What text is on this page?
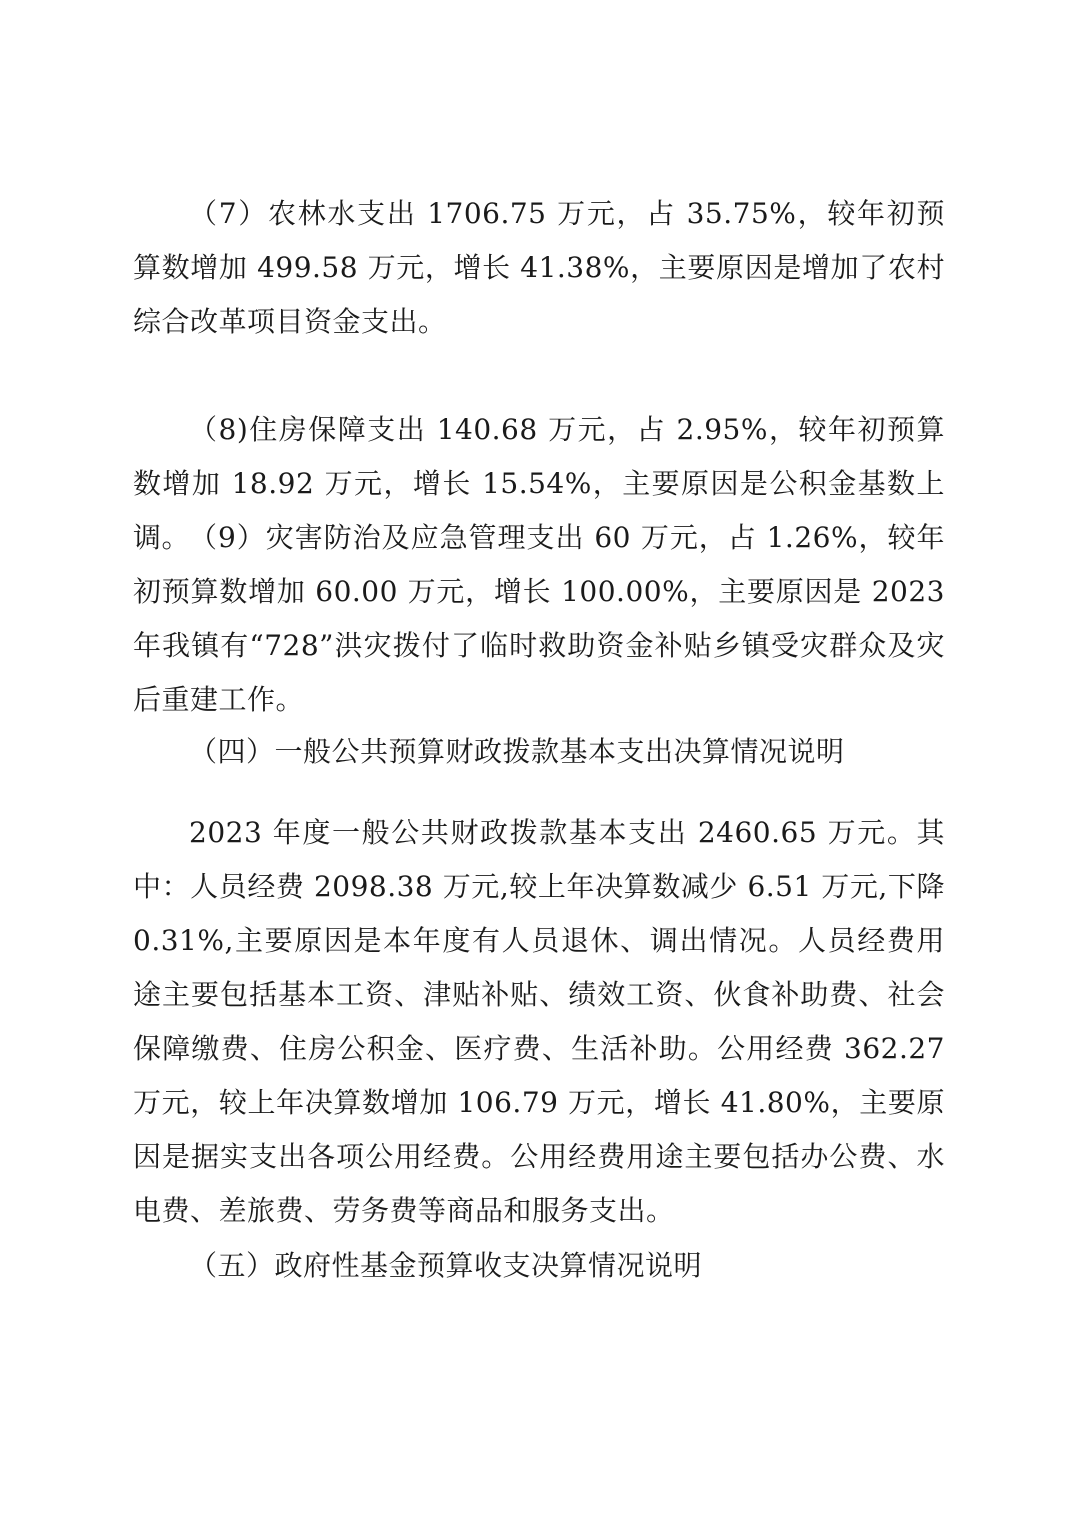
（7）农林水支出 1706.75 万元，占 35.75%，较年初预算数增加 499.58 万元，增长 41.38%，主要原因是增加了农村综合改革项目资金支出。

（8)住房保障支出 140.68 万元，占 2.95%，较年初预算数增加 18.92 万元，增长 15.54%，主要原因是公积金基数上调。

（9）灾害防治及应急管理支出 60 万元，占 1.26%，较年初预算数增加 60.00 万元，增长 100.00%，主要原因是 2023 年我镇有“728”洪灾拨付了临时救助资金补贴乡镇受灾群众及灾后重建工作。

（四）一般公共预算财政拨款基本支出决算情况说明

2023 年度一般公共财政拨款基本支出 2460.65 万元。其中：人员经费 2098.38 万元,较上年决算数减少 6.51 万元,下降 0.31%,主要原因是本年度有人员退休、调出情况。人员经费用途主要包括基本工资、津贴补贴、绩效工资、伙食补助费、社会保障缴费、住房公积金、医疗费、生活补助。公用经费 362.27 万元，较上年决算数增加 106.79 万元，增长 41.80%，主要原因是据实支出各项公用经费。公用经费用途主要包括办公费、水电费、差旅费、劳务费等商品和服务支出。

（五）政府性基金预算收支决算情况说明
